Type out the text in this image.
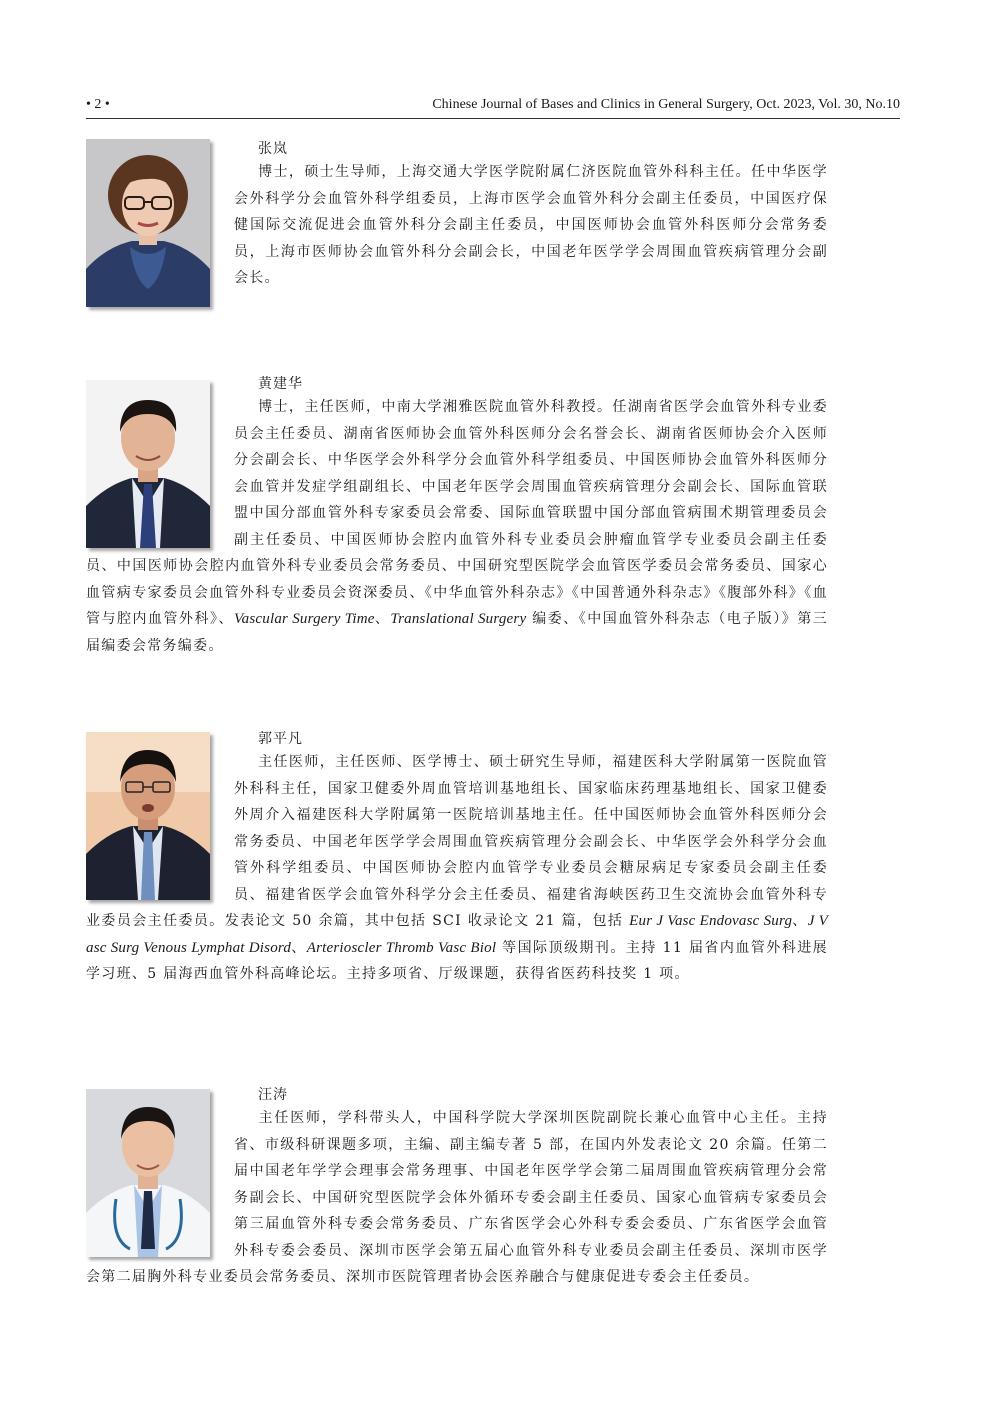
• 2 •	Chinese Journal of Bases and Clinics in General Surgery, Oct. 2023, Vol. 30, No.10
张岚

博士，硕士生导师，上海交通大学医学院附属仁济医院血管外科科主任。任中华医学会外科学分会血管外科学组委员，上海市医学会血管外科分会副主任委员，中国医疗保健国际交流促进会血管外科分会副主任委员，中国医师协会血管外科医师分会常务委员，上海市医师协会血管外科分会副会长，中国老年医学学会周围血管疾病管理分会副会长。

黄建华

博士，主任医师，中南大学湘雅医院血管外科教授。任湖南省医学会血管外科专业委员会主任委员、湖南省医师协会血管外科医师分会名誉会长、湖南省医师协会介入医师分会副会长、中华医学会外科学分会血管外科学组委员、中国医师协会血管外科医师分会血管并发症学组副组长、中国老年医学会周围血管疾病管理分会副会长、国际血管联盟中国分部血管外科专家委员会常委、国际血管联盟中国分部血管病围术期管理委员会副主任委员、中国医师协会腔内血管外科专业委员会肿瘤血管学专业委员会副主任委员、中国医师协会腔内血管外科专业委员会常务委员、中国研究型医院学会血管医学委员会常务委员、国家心血管病专家委员会血管外科专业委员会资深委员、《中华血管外科杂志》《中国普通外科杂志》《腹部外科》《血管与腔内血管外科》、Vascular Surgery Time、Translational Surgery 编委、《中国血管外科杂志（电子版）》第三届编委会常务编委。

郭平凡

主任医师，主任医师、医学博士、硕士研究生导师，福建医科大学附属第一医院血管外科科主任，国家卫健委外周血管培训基地组长、国家临床药理基地组长、国家卫健委外周介入福建医科大学附属第一医院培训基地主任。任中国医师协会血管外科医师分会常务委员、中国老年医学学会周围血管疾病管理分会副会长、中华医学会外科学分会血管外科学组委员、中国医师协会腔内血管学专业委员会糖尿病足专家委员会副主任委员、福建省医学会血管外科学分会主任委员、福建省海峡医药卫生交流协会血管外科专业委员会主任委员。发表论文 50 余篇，其中包括 SCI 收录论文 21 篇，包括 Eur J Vasc Endovasc Surg、J Vasc Surg Venous Lymphat Disord、Arterioscler Thromb Vasc Biol 等国际顶级期刊。主持 11 届省内血管外科进展学习班、5 届海西血管外科高峰论坛。主持多项省、厅级课题，获得省医药科技奖 1 项。

汪涛

主任医师，学科带头人，中国科学院大学深圳医院副院长兼心血管中心主任。主持省、市级科研课题多项，主编、副主编专著 5 部，在国内外发表论文 20 余篇。任第二届中国老年学学会理事会常务理事、中国老年医学学会第二届周围血管疾病管理分会常务副会长、中国研究型医院学会体外循环专委会副主任委员、国家心血管病专家委员会第三届血管外科专委会常务委员、广东省医学会心外科专委会委员、广东省医学会血管外科专委会委员、深圳市医学会第五届心血管外科专业委员会副主任委员、深圳市医学会第二届胸外科专业委员会常务委员、深圳市医院管理者协会医养融合与健康促进专委会主任委员。
